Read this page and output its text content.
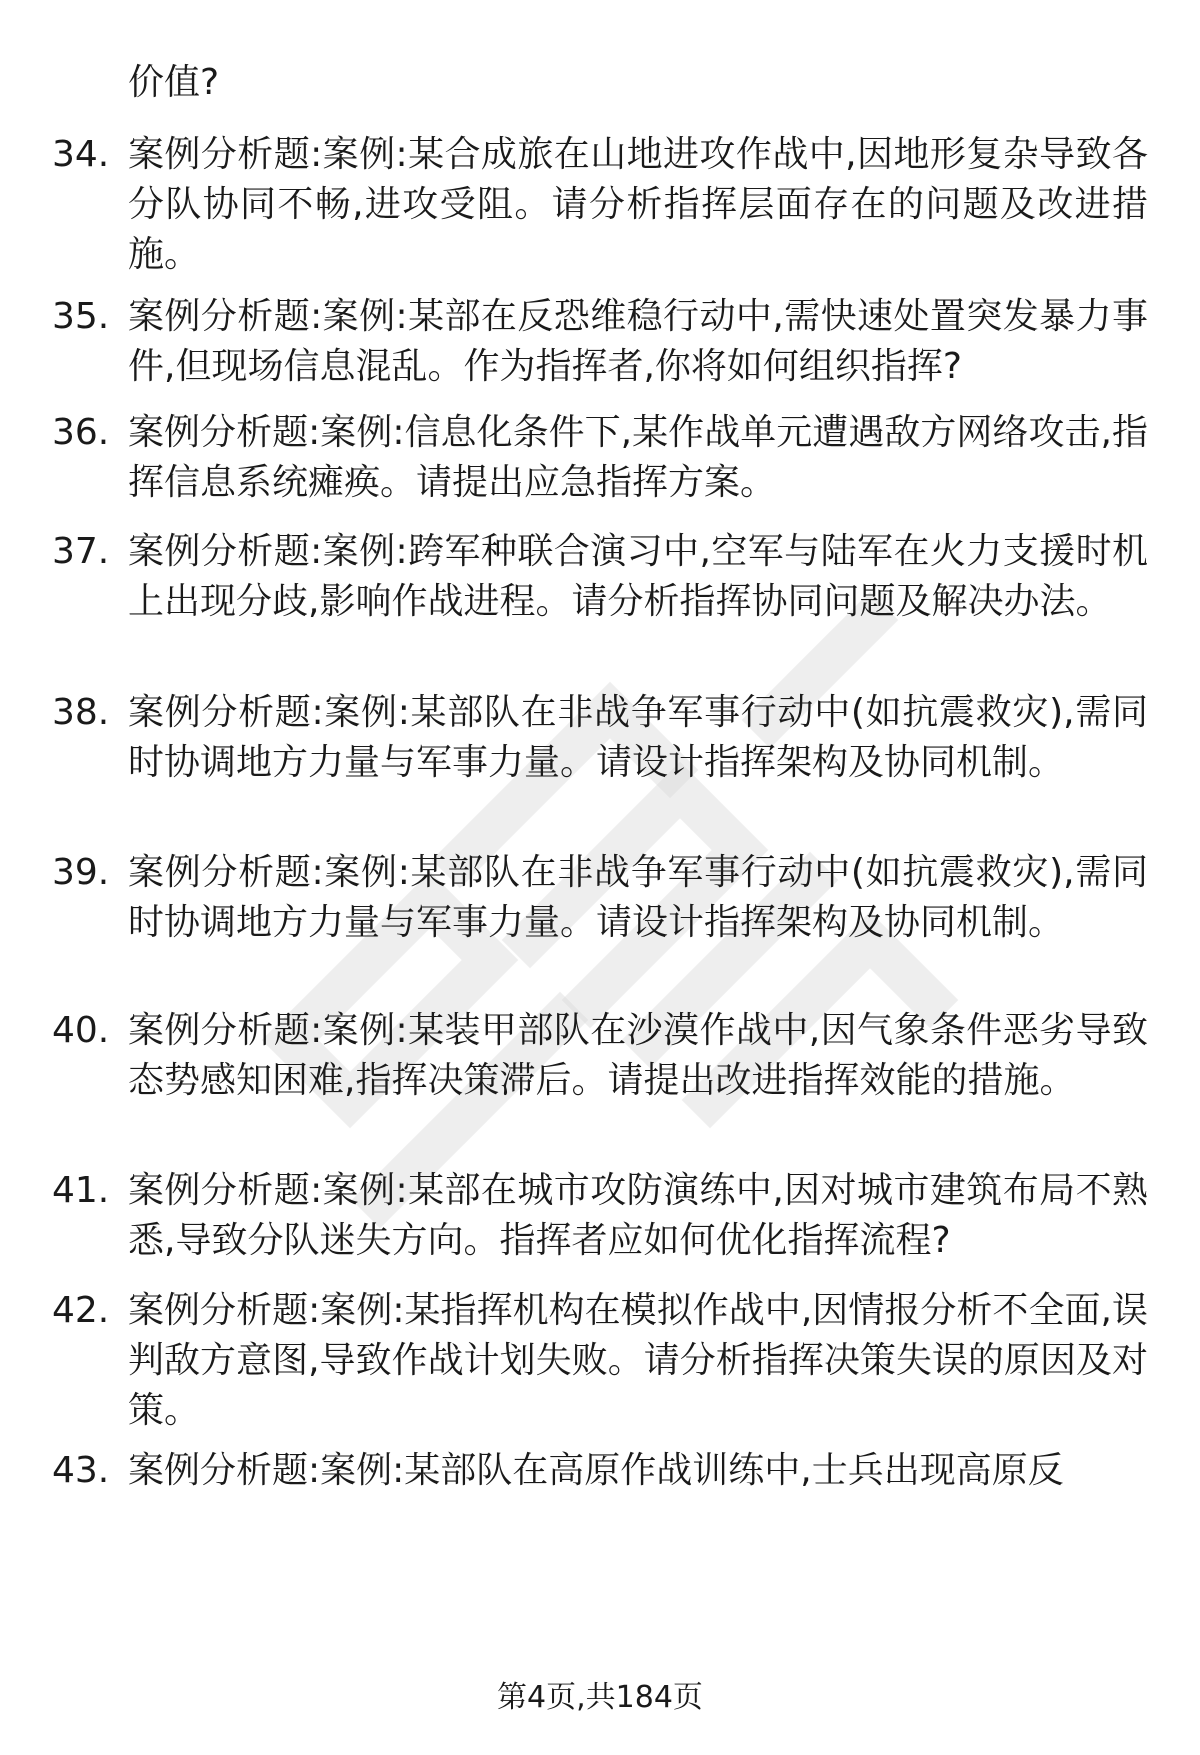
价值?
34. 案例分析题:案例:某合成旅在山地进攻作战中,因地形复杂导致各分队协同不畅,进攻受阻。请分析指挥层面存在的问题及改进措施。
35. 案例分析题:案例:某部在反恐维稳行动中,需快速处置突发暴力事件,但现场信息混乱。作为指挥者,你将如何组织指挥?
36. 案例分析题:案例:信息化条件下,某作战单元遭遇敌方网络攻击,指挥信息系统瘫痪。请提出应急指挥方案。
37. 案例分析题:案例:跨军种联合演习中,空军与陆军在火力支援时机上出现分歧,影响作战进程。请分析指挥协同问题及解决办法。
38. 案例分析题:案例:某部队在非战争军事行动中(如抗震救灾),需同时协调地方力量与军事力量。请设计指挥架构及协同机制。
39. 案例分析题:案例:某部队在非战争军事行动中(如抗震救灾),需同时协调地方力量与军事力量。请设计指挥架构及协同机制。
40. 案例分析题:案例:某装甲部队在沙漠作战中,因气象条件恶劣导致态势感知困难,指挥决策滞后。请提出改进指挥效能的措施。
41. 案例分析题:案例:某部在城市攻防演练中,因对城市建筑布局不熟悉,导致分队迷失方向。指挥者应如何优化指挥流程?
42. 案例分析题:案例:某指挥机构在模拟作战中,因情报分析不全面,误判敌方意图,导致作战计划失败。请分析指挥决策失误的原因及对策。
43. 案例分析题:案例:某部队在高原作战训练中,士兵出现高原反
第4页,共184页
